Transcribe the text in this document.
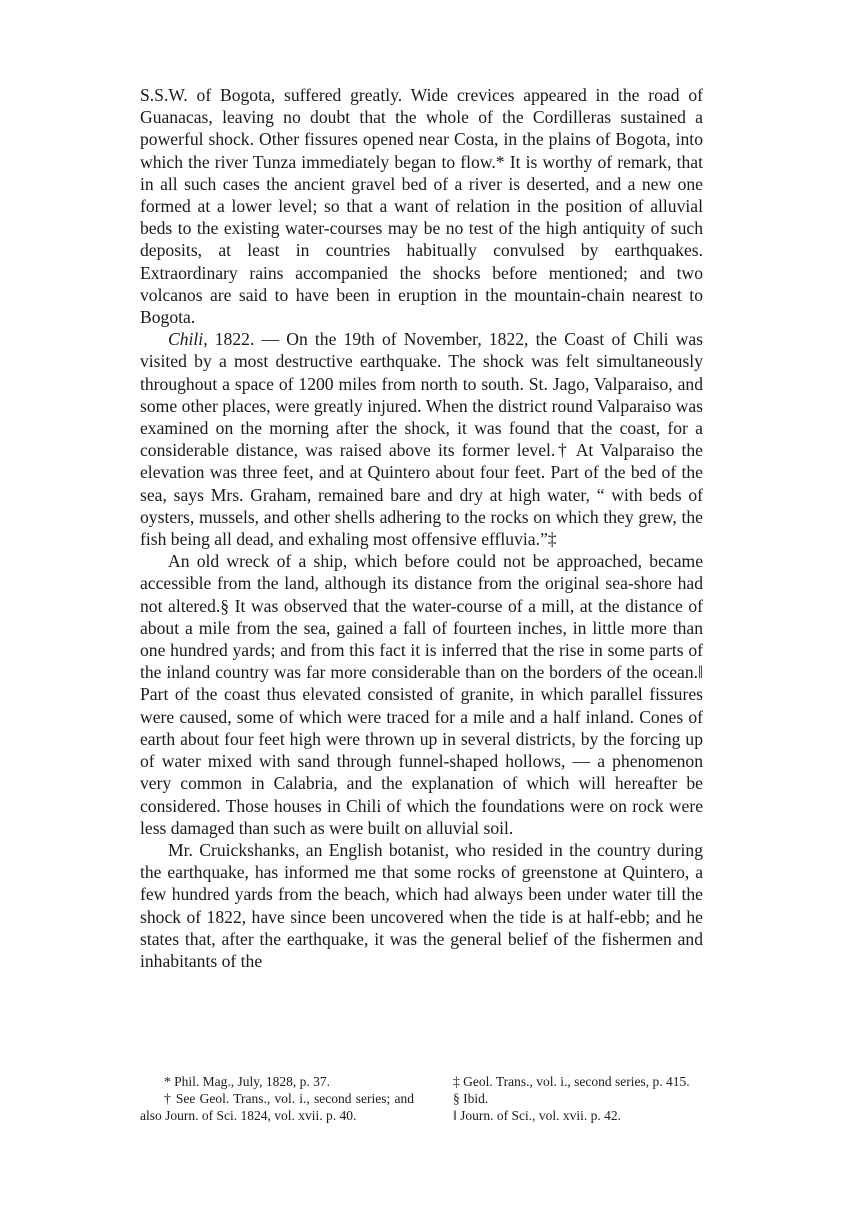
S.S.W. of Bogota, suffered greatly. Wide crevices appeared in the road of Guanacas, leaving no doubt that the whole of the Cordilleras sustained a powerful shock. Other fissures opened near Costa, in the plains of Bogota, into which the river Tunza immediately began to flow.* It is worthy of remark, that in all such cases the ancient gravel bed of a river is deserted, and a new one formed at a lower level; so that a want of relation in the position of alluvial beds to the existing water-courses may be no test of the high antiquity of such deposits, at least in countries habitually convulsed by earthquakes. Extraordinary rains accompanied the shocks before mentioned; and two volcanos are said to have been in eruption in the mountain-chain nearest to Bogota.

Chili, 1822. — On the 19th of November, 1822, the Coast of Chili was visited by a most destructive earthquake. The shock was felt simultaneously throughout a space of 1200 miles from north to south. St. Jago, Valparaiso, and some other places, were greatly injured. When the district round Valparaiso was examined on the morning after the shock, it was found that the coast, for a considerable distance, was raised above its former level.† At Valparaiso the elevation was three feet, and at Quintero about four feet. Part of the bed of the sea, says Mrs. Graham, remained bare and dry at high water, “ with beds of oysters, mussels, and other shells adhering to the rocks on which they grew, the fish being all dead, and exhaling most offensive effluvia.”‡

An old wreck of a ship, which before could not be approached, became accessible from the land, although its distance from the original sea-shore had not altered.§ It was observed that the water-course of a mill, at the distance of about a mile from the sea, gained a fall of fourteen inches, in little more than one hundred yards; and from this fact it is inferred that the rise in some parts of the inland country was far more considerable than on the borders of the ocean.‖ Part of the coast thus elevated consisted of granite, in which parallel fissures were caused, some of which were traced for a mile and a half inland. Cones of earth about four feet high were thrown up in several districts, by the forcing up of water mixed with sand through funnel-shaped hollows, — a phenomenon very common in Calabria, and the explanation of which will hereafter be considered. Those houses in Chili of which the foundations were on rock were less damaged than such as were built on alluvial soil.

Mr. Cruickshanks, an English botanist, who resided in the country during the earthquake, has informed me that some rocks of greenstone at Quintero, a few hundred yards from the beach, which had always been under water till the shock of 1822, have since been uncovered when the tide is at half-ebb; and he states that, after the earthquake, it was the general belief of the fishermen and inhabitants of the

* Phil. Mag., July, 1828, p. 37.

† See Geol. Trans., vol. i., second series; and also Journ. of Sci. 1824, vol. xvii. p. 40.

‡ Geol. Trans., vol. i., second series, p. 415.

§ Ibid.

‖ Journ. of Sci., vol. xvii. p. 42.
